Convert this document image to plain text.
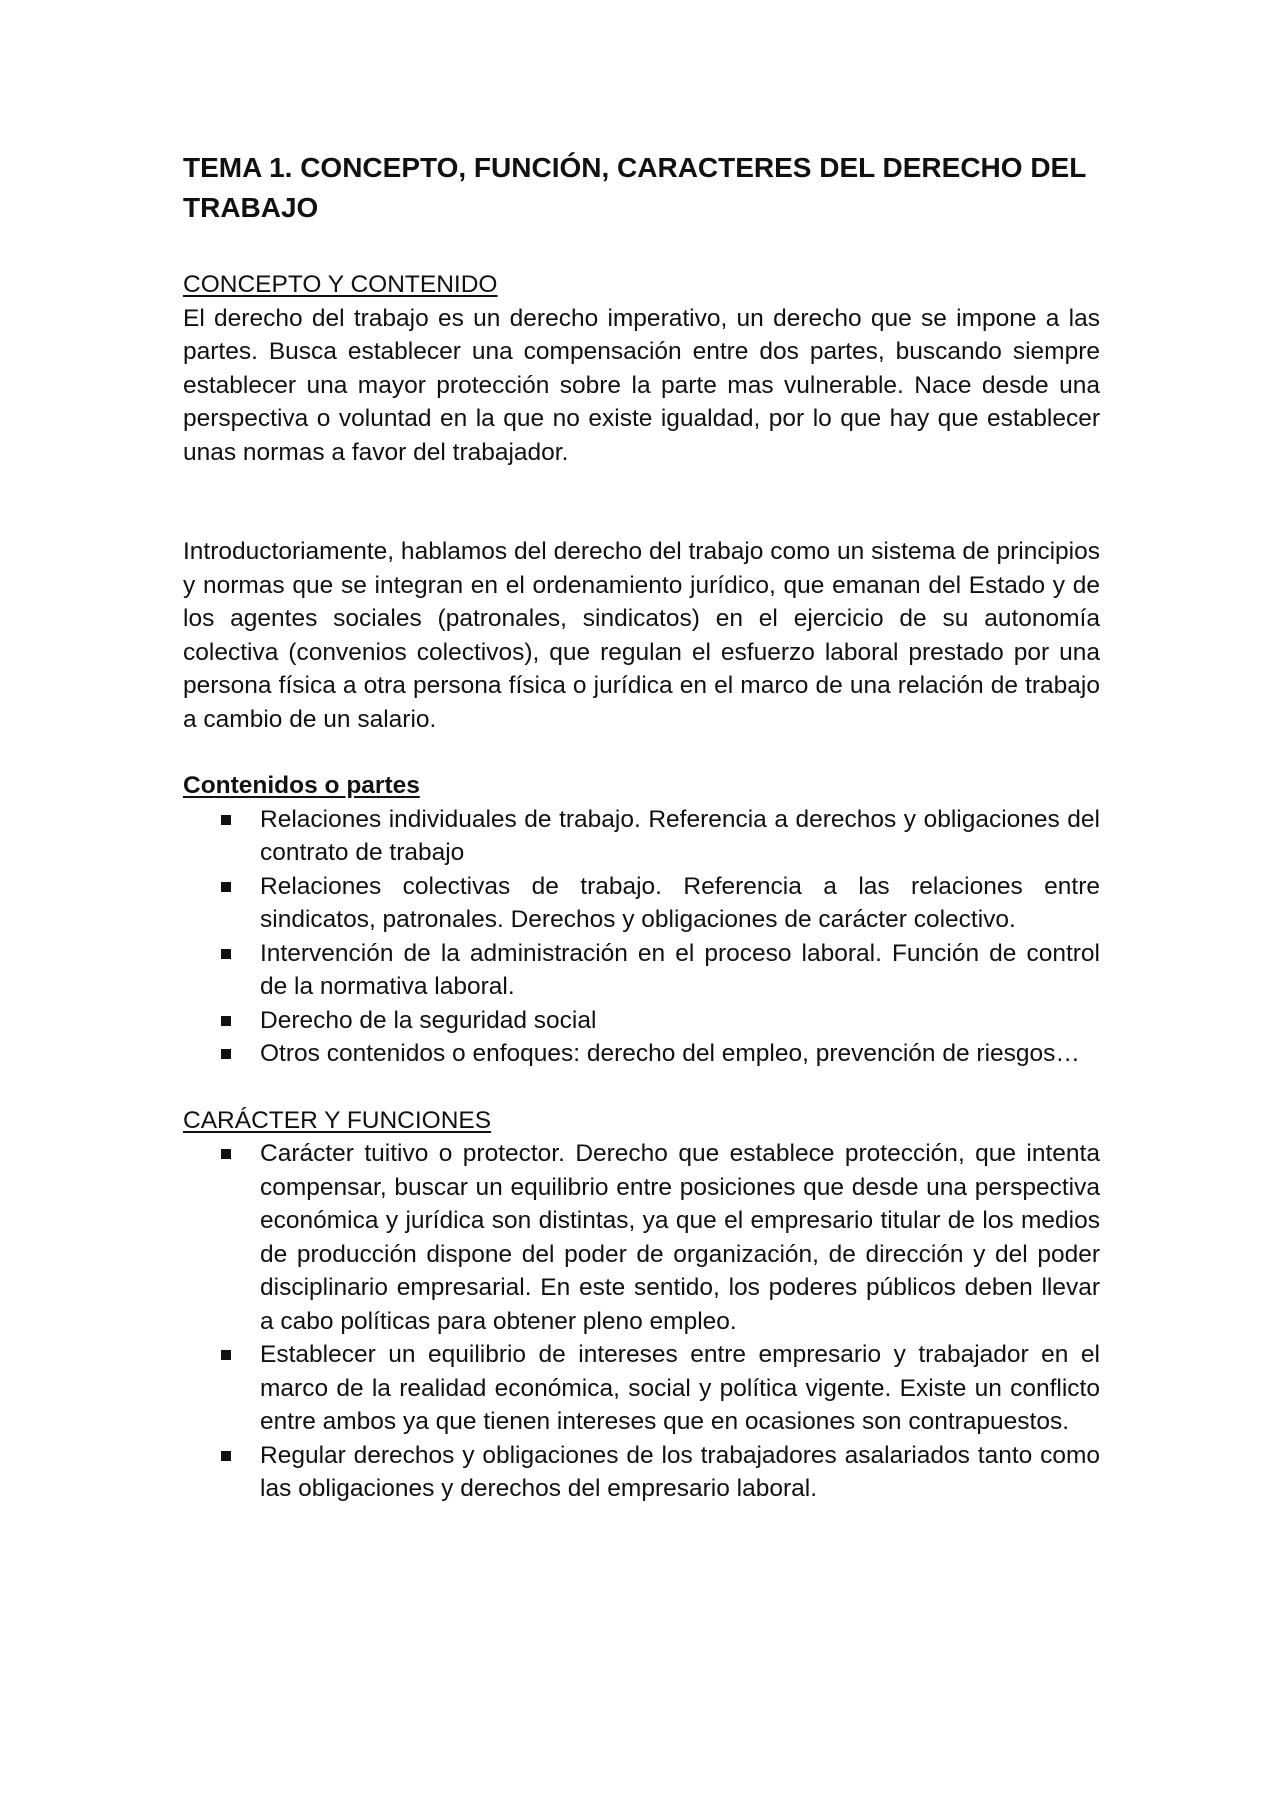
TEMA 1. CONCEPTO, FUNCIÓN, CARACTERES DEL DERECHO DEL TRABAJO
CONCEPTO Y CONTENIDO

El derecho del trabajo es un derecho imperativo, un derecho que se impone a las partes. Busca establecer una compensación entre dos partes, buscando siempre establecer una mayor protección sobre la parte mas vulnerable. Nace desde una perspectiva o voluntad en la que no existe igualdad, por lo que hay que establecer unas normas a favor del trabajador.

Introductoriamente, hablamos del derecho del trabajo como un sistema de principios y normas que se integran en el ordenamiento jurídico, que emanan del Estado y de los agentes sociales (patronales, sindicatos) en el ejercicio de su autonomía colectiva (convenios colectivos), que regulan el esfuerzo laboral prestado por una persona física a otra persona física o jurídica en el marco de una relación de trabajo a cambio de un salario.

Contenidos o partes
Relaciones individuales de trabajo. Referencia a derechos y obligaciones del contrato de trabajo
Relaciones colectivas de trabajo. Referencia a las relaciones entre sindicatos, patronales. Derechos y obligaciones de carácter colectivo.
Intervención de la administración en el proceso laboral. Función de control de la normativa laboral.
Derecho de la seguridad social
Otros contenidos o enfoques: derecho del empleo, prevención de riesgos…
CARÁCTER Y FUNCIONES
Carácter tuitivo o protector. Derecho que establece protección, que intenta compensar, buscar un equilibrio entre posiciones que desde una perspectiva económica y jurídica son distintas, ya que el empresario titular de los medios de producción dispone del poder de organización, de dirección y del poder disciplinario empresarial. En este sentido, los poderes públicos deben llevar a cabo políticas para obtener pleno empleo.
Establecer un equilibrio de intereses entre empresario y trabajador en el marco de la realidad económica, social y política vigente. Existe un conflicto entre ambos ya que tienen intereses que en ocasiones son contrapuestos.
Regular derechos y obligaciones de los trabajadores asalariados tanto como las obligaciones y derechos del empresario laboral.
